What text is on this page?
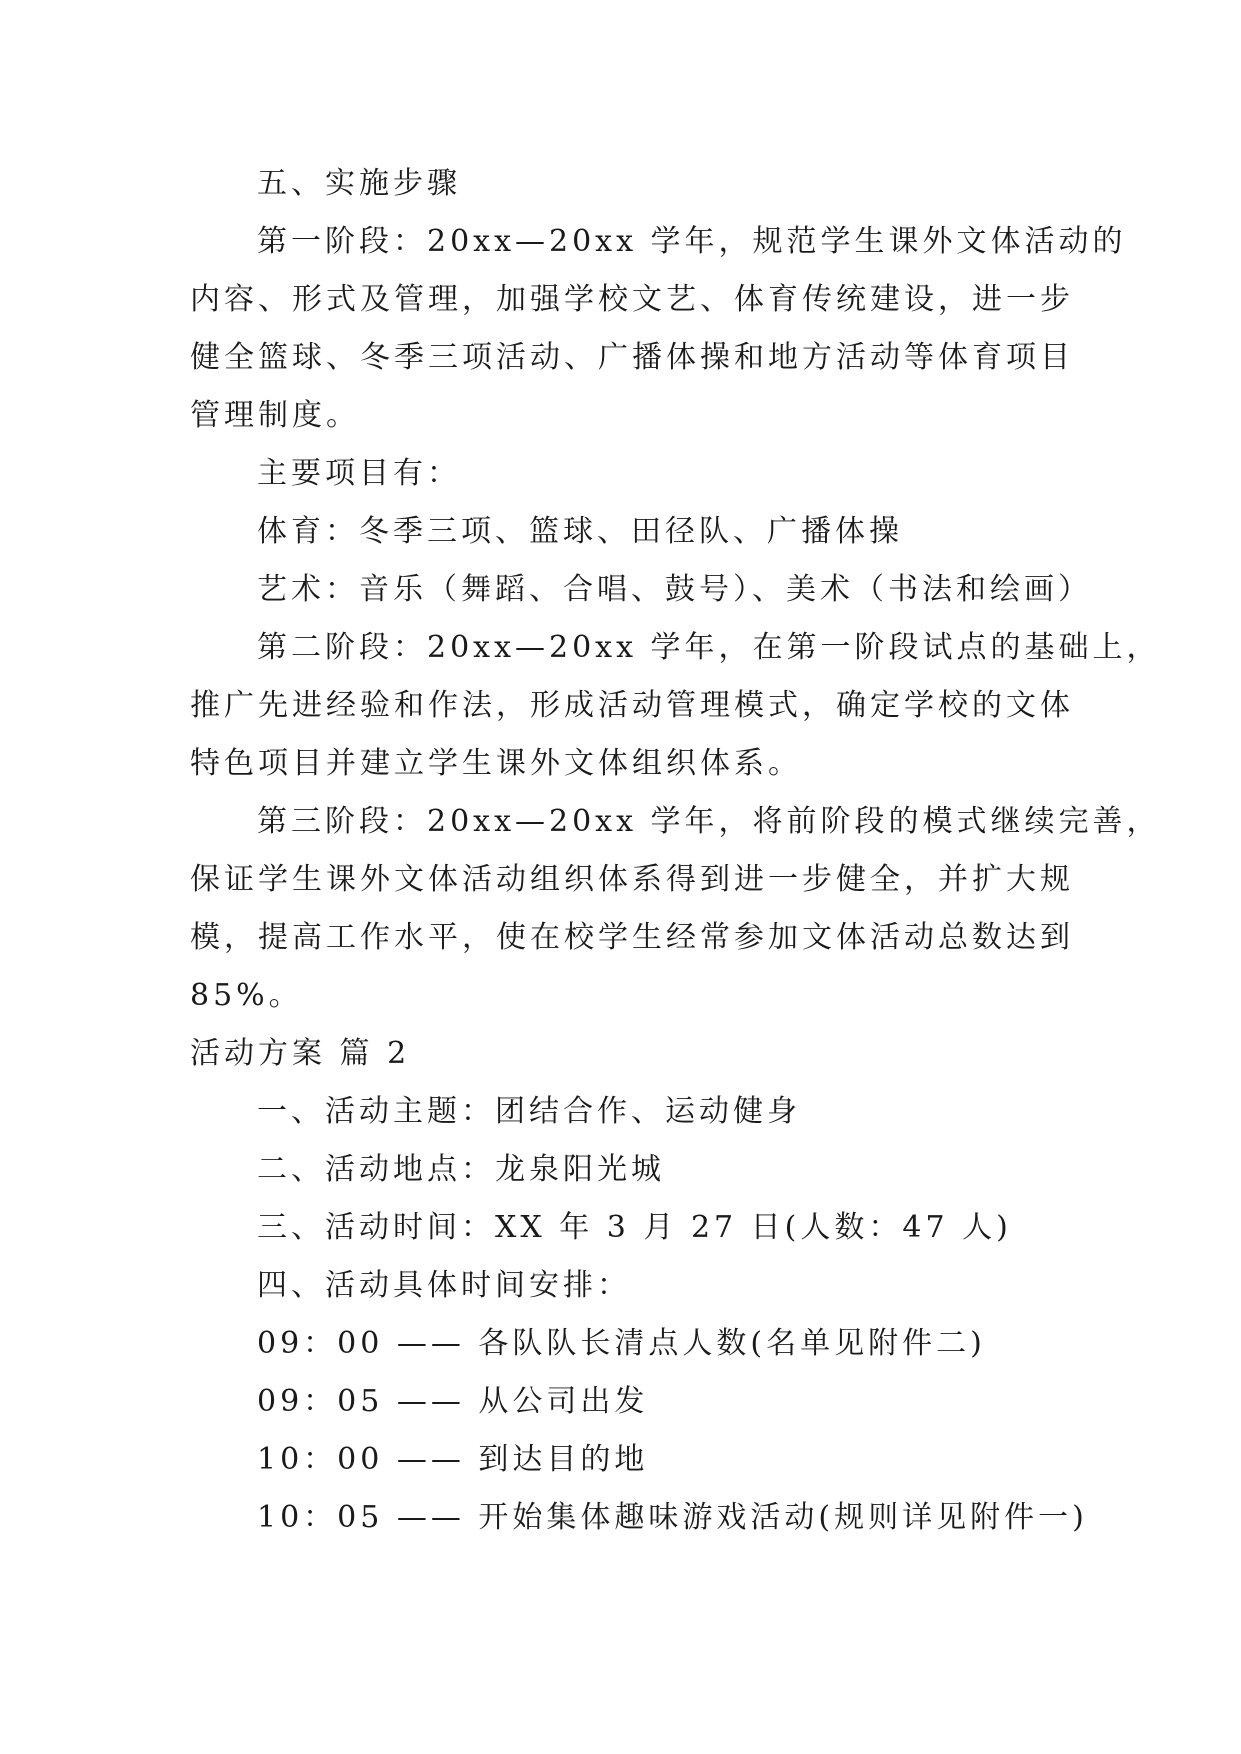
五、实施步骤
第一阶段：20xx—20xx 学年，规范学生课外文体活动的
内容、形式及管理，加强学校文艺、体育传统建设，进一步
健全篮球、冬季三项活动、广播体操和地方活动等体育项目
管理制度。
主要项目有：
体育：冬季三项、篮球、田径队、广播体操
艺术：音乐（舞蹈、合唱、鼓号）、美术（书法和绘画）
第二阶段：20xx—20xx 学年，在第一阶段试点的基础上，
推广先进经验和作法，形成活动管理模式，确定学校的文体
特色项目并建立学生课外文体组织体系。
第三阶段：20xx—20xx 学年，将前阶段的模式继续完善，
保证学生课外文体活动组织体系得到进一步健全，并扩大规
模，提高工作水平，使在校学生经常参加文体活动总数达到
85%。
活动方案 篇 2
一、活动主题：团结合作、运动健身
二、活动地点：龙泉阳光城
三、活动时间：XX 年 3 月 27 日(人数：47 人)
四、活动具体时间安排：
09：00 —— 各队队长清点人数(名单见附件二)
09：05 —— 从公司出发
10：00 —— 到达目的地
10：05 —— 开始集体趣味游戏活动(规则详见附件一)
